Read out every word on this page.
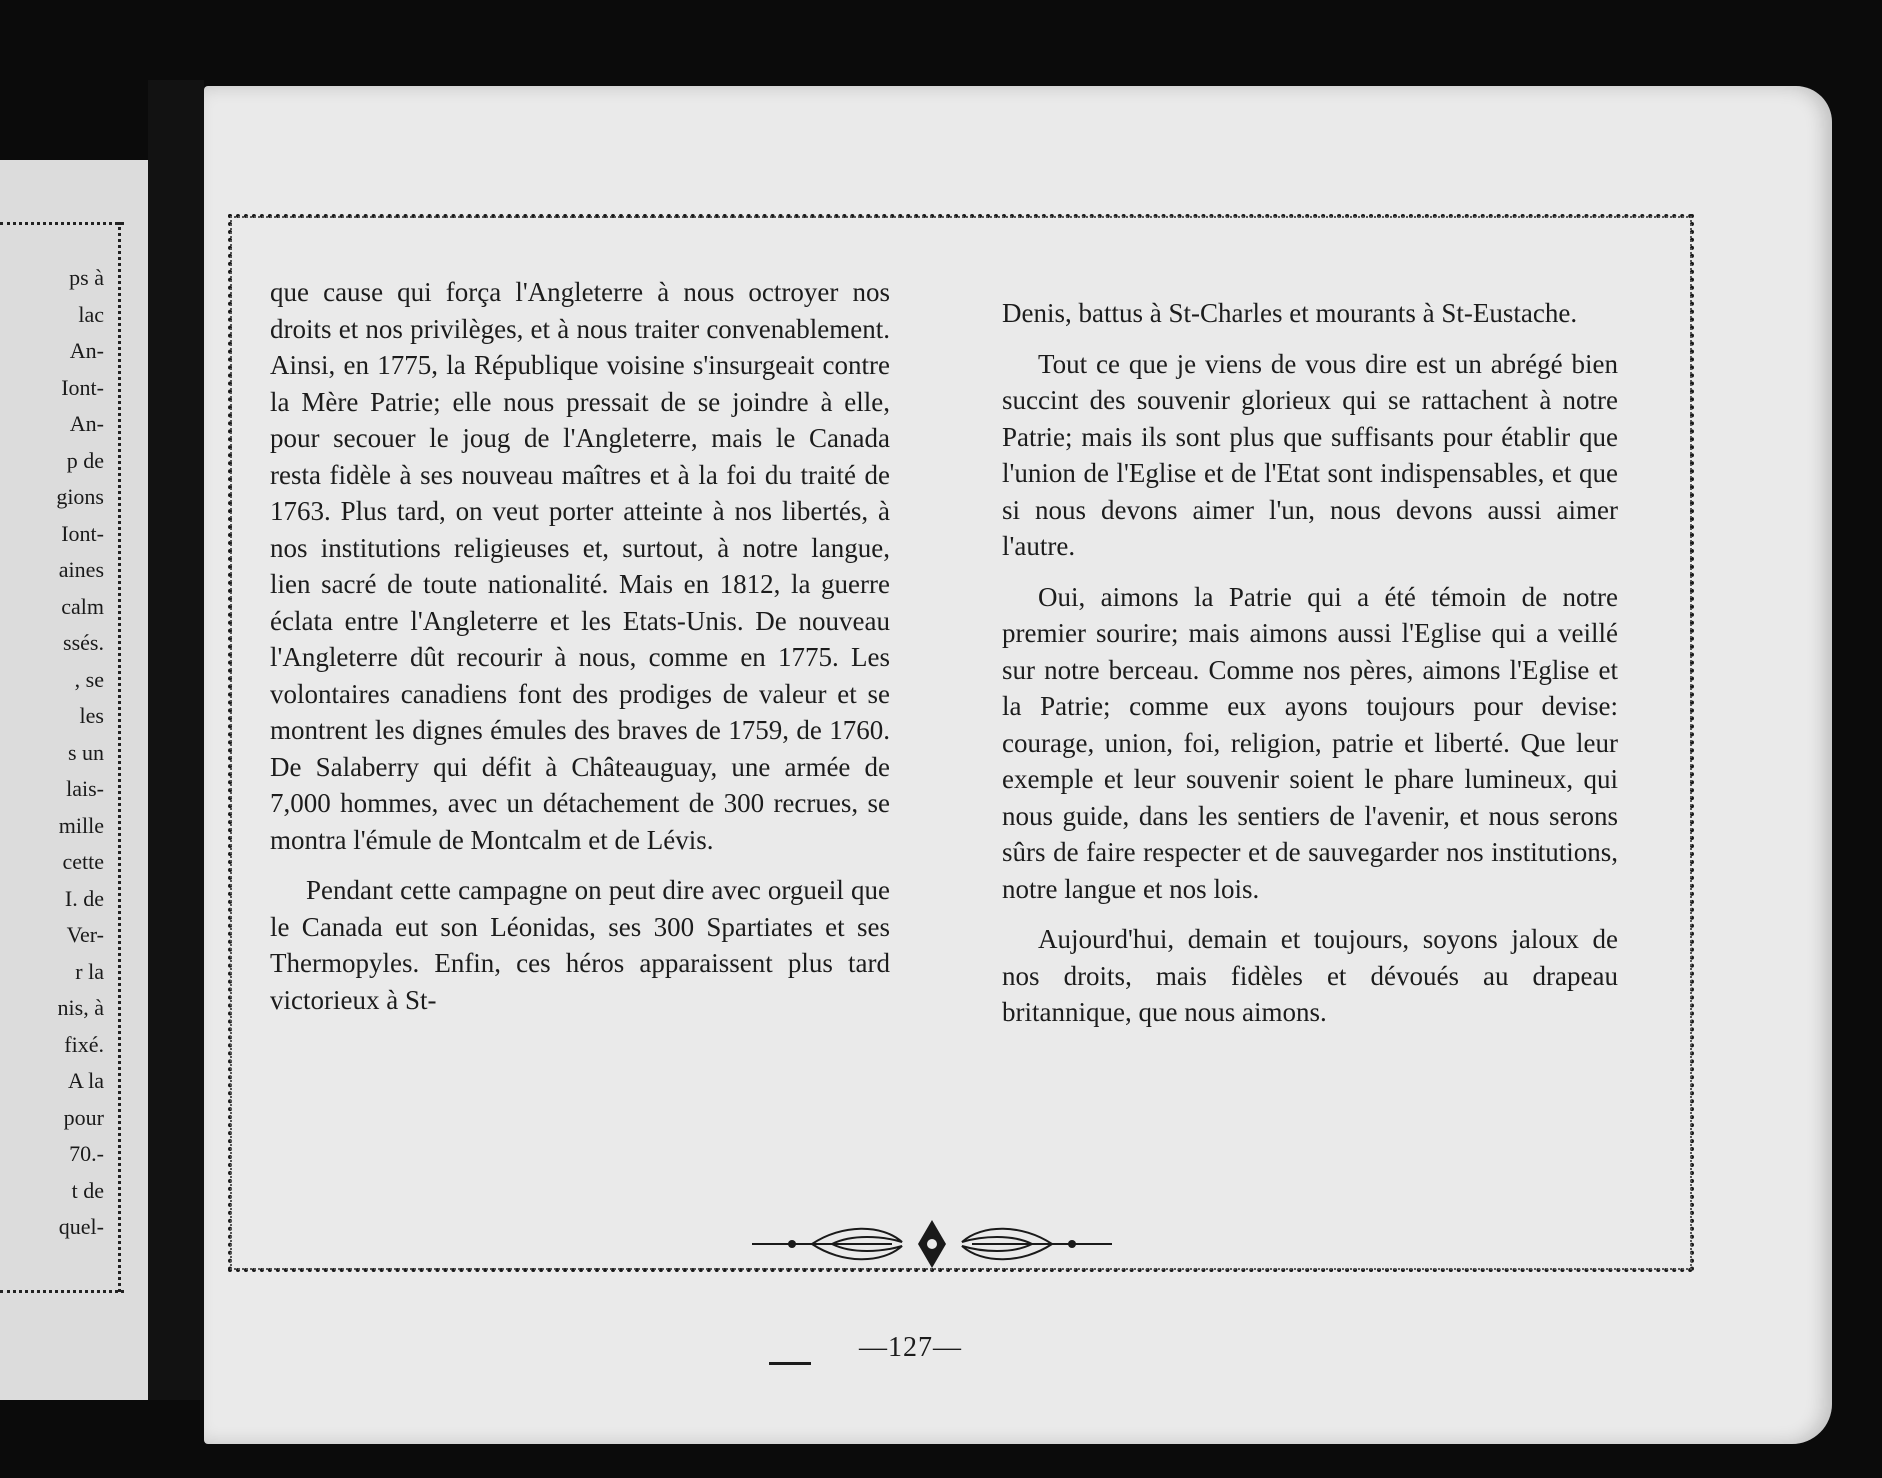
ps à
lac
An-
Iont-
An-
p de
gions
Iont-
aines
calm
ssés.
, se
les
s un
lais-
mille
cette
I. de
Ver-
r la
nis, à
fixé.
A la
pour
70.-
t de
quel-

que cause qui força l'Angleterre à nous octroyer nos droits et nos privilèges, et à nous traiter convenablement. Ainsi, en 1775, la République voisine s'insurgeait contre la Mère Patrie; elle nous pressait de se joindre à elle, pour secouer le joug de l'Angleterre, mais le Canada resta fidèle à ses nouveau maîtres et à la foi du traité de 1763. Plus tard, on veut porter atteinte à nos libertés, à nos institutions religieuses et, surtout, à notre langue, lien sacré de toute nationalité. Mais en 1812, la guerre éclata entre l'Angleterre et les Etats-Unis. De nouveau l'Angleterre dût recourir à nous, comme en 1775. Les volontaires canadiens font des prodiges de valeur et se montrent les dignes émules des braves de 1759, de 1760. De Salaberry qui défit à Châteauguay, une armée de 7,000 hommes, avec un détachement de 300 recrues, se montra l'émule de Montcalm et de Lévis.

Pendant cette campagne on peut dire avec orgueil que le Canada eut son Léonidas, ses 300 Spartiates et ses Thermopyles. Enfin, ces héros apparaissent plus tard victorieux à St-

Denis, battus à St-Charles et mourants à St-Eustache.

Tout ce que je viens de vous dire est un abrégé bien succint des souvenir glorieux qui se rattachent à notre Patrie; mais ils sont plus que suffisants pour établir que l'union de l'Eglise et de l'Etat sont indispensables, et que si nous devons aimer l'un, nous devons aussi aimer l'autre.

Oui, aimons la Patrie qui a été témoin de notre premier sourire; mais aimons aussi l'Eglise qui a veillé sur notre berceau. Comme nos pères, aimons l'Eglise et la Patrie; comme eux ayons toujours pour devise: courage, union, foi, religion, patrie et liberté. Que leur exemple et leur souvenir soient le phare lumineux, qui nous guide, dans les sentiers de l'avenir, et nous serons sûrs de faire respecter et de sauvegarder nos institutions, notre langue et nos lois.

Aujourd'hui, demain et toujours, soyons jaloux de nos droits, mais fidèles et dévoués au drapeau britannique, que nous aimons.

—127—
